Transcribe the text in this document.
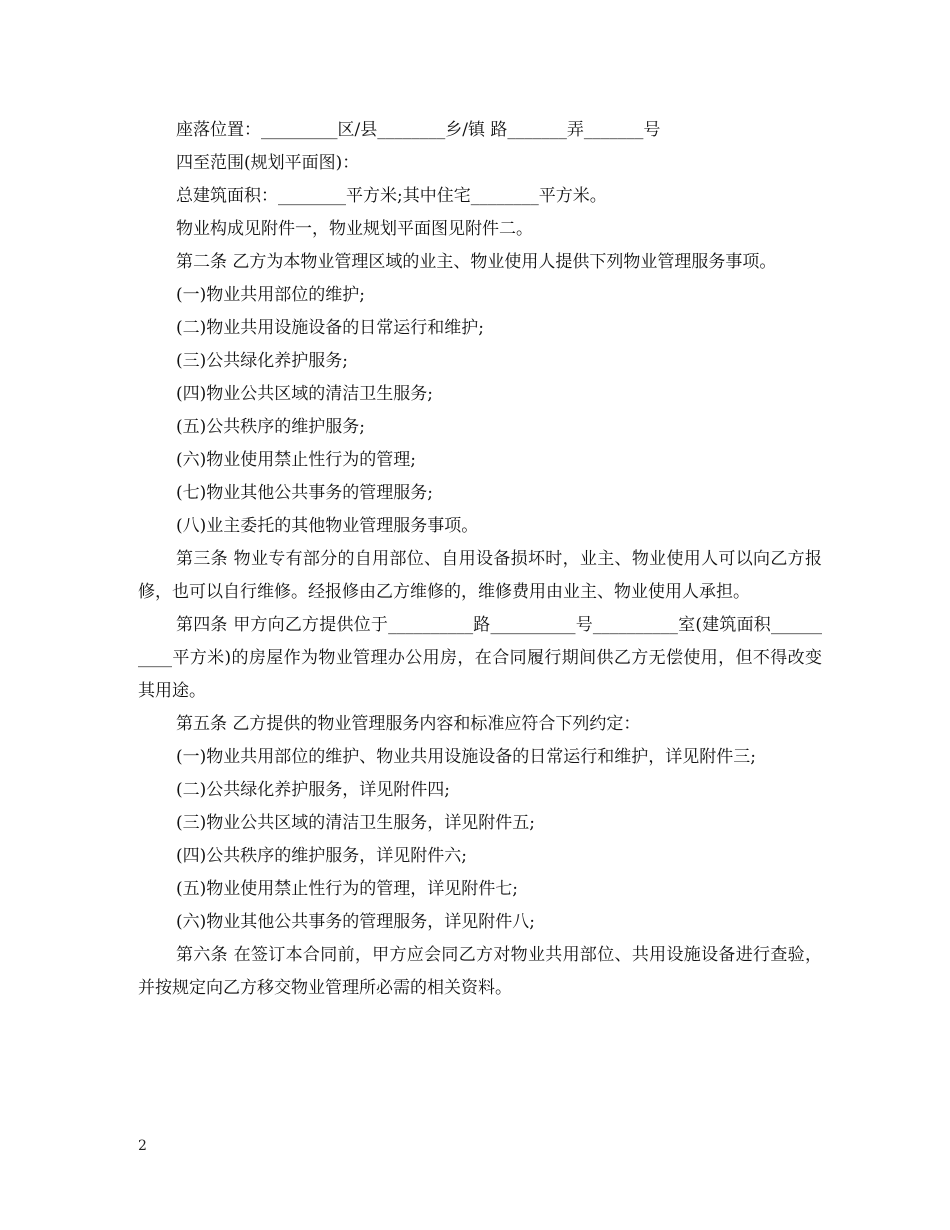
座落位置：_________区/县________乡/镇 路_______弄_______号

四至范围(规划平面图)：

总建筑面积：________平方米;其中住宅________平方米。

物业构成见附件一，物业规划平面图见附件二。

第二条 乙方为本物业管理区域的业主、物业使用人提供下列物业管理服务事项。

(一)物业共用部位的维护;

(二)物业共用设施设备的日常运行和维护;

(三)公共绿化养护服务;

(四)物业公共区域的清洁卫生服务;

(五)公共秩序的维护服务;

(六)物业使用禁止性行为的管理;

(七)物业其他公共事务的管理服务;

(八)业主委托的其他物业管理服务事项。

第三条 物业专有部分的自用部位、自用设备损坏时，业主、物业使用人可以向乙方报修，也可以自行维修。经报修由乙方维修的，维修费用由业主、物业使用人承担。

第四条 甲方向乙方提供位于__________路__________号__________室(建筑面积__________平方米)的房屋作为物业管理办公用房，在合同履行期间供乙方无偿使用，但不得改变其用途。

第五条 乙方提供的物业管理服务内容和标准应符合下列约定：

(一)物业共用部位的维护、物业共用设施设备的日常运行和维护，详见附件三;

(二)公共绿化养护服务，详见附件四;

(三)物业公共区域的清洁卫生服务，详见附件五;

(四)公共秩序的维护服务，详见附件六;

(五)物业使用禁止性行为的管理，详见附件七;

(六)物业其他公共事务的管理服务，详见附件八;

第六条 在签订本合同前，甲方应会同乙方对物业共用部位、共用设施设备进行查验，并按规定向乙方移交物业管理所必需的相关资料。

2
